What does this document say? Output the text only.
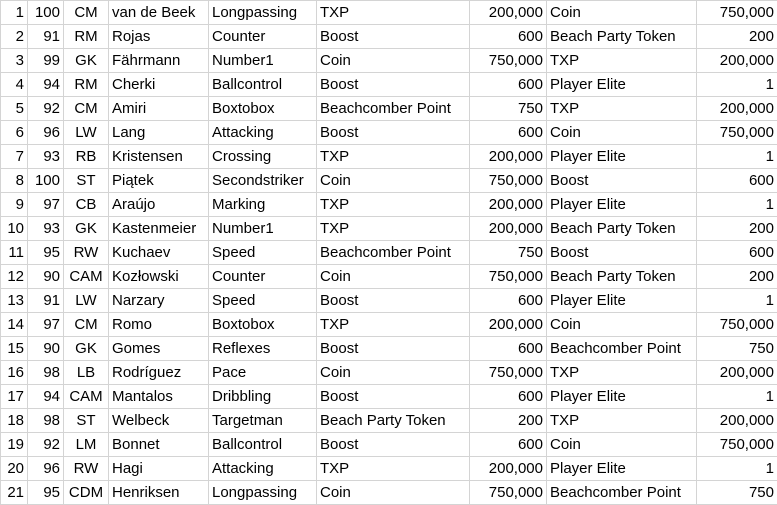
1	100	CM	van de Beek	Longpassing	TXP	200,000	Coin	750,000
2	91	RM	Rojas	Counter	Boost	600	Beach Party Token	200
3	99	GK	Fährmann	Number1	Coin	750,000	TXP	200,000
4	94	RM	Cherki	Ballcontrol	Boost	600	Player Elite	1
5	92	CM	Amiri	Boxtobox	Beachcomber Point	750	TXP	200,000
6	96	LW	Lang	Attacking	Boost	600	Coin	750,000
7	93	RB	Kristensen	Crossing	TXP	200,000	Player Elite	1
8	100	ST	Piątek	Secondstriker	Coin	750,000	Boost	600
9	97	CB	Araújo	Marking	TXP	200,000	Player Elite	1
10	93	GK	Kastenmeier	Number1	TXP	200,000	Beach Party Token	200
11	95	RW	Kuchaev	Speed	Beachcomber Point	750	Boost	600
12	90	CAM	Kozłowski	Counter	Coin	750,000	Beach Party Token	200
13	91	LW	Narzary	Speed	Boost	600	Player Elite	1
14	97	CM	Romo	Boxtobox	TXP	200,000	Coin	750,000
15	90	GK	Gomes	Reflexes	Boost	600	Beachcomber Point	750
16	98	LB	Rodríguez	Pace	Coin	750,000	TXP	200,000
17	94	CAM	Mantalos	Dribbling	Boost	600	Player Elite	1
18	98	ST	Welbeck	Targetman	Beach Party Token	200	TXP	200,000
19	92	LM	Bonnet	Ballcontrol	Boost	600	Coin	750,000
20	96	RW	Hagi	Attacking	TXP	200,000	Player Elite	1
21	95	CDM	Henriksen	Longpassing	Coin	750,000	Beachcomber Point	750
